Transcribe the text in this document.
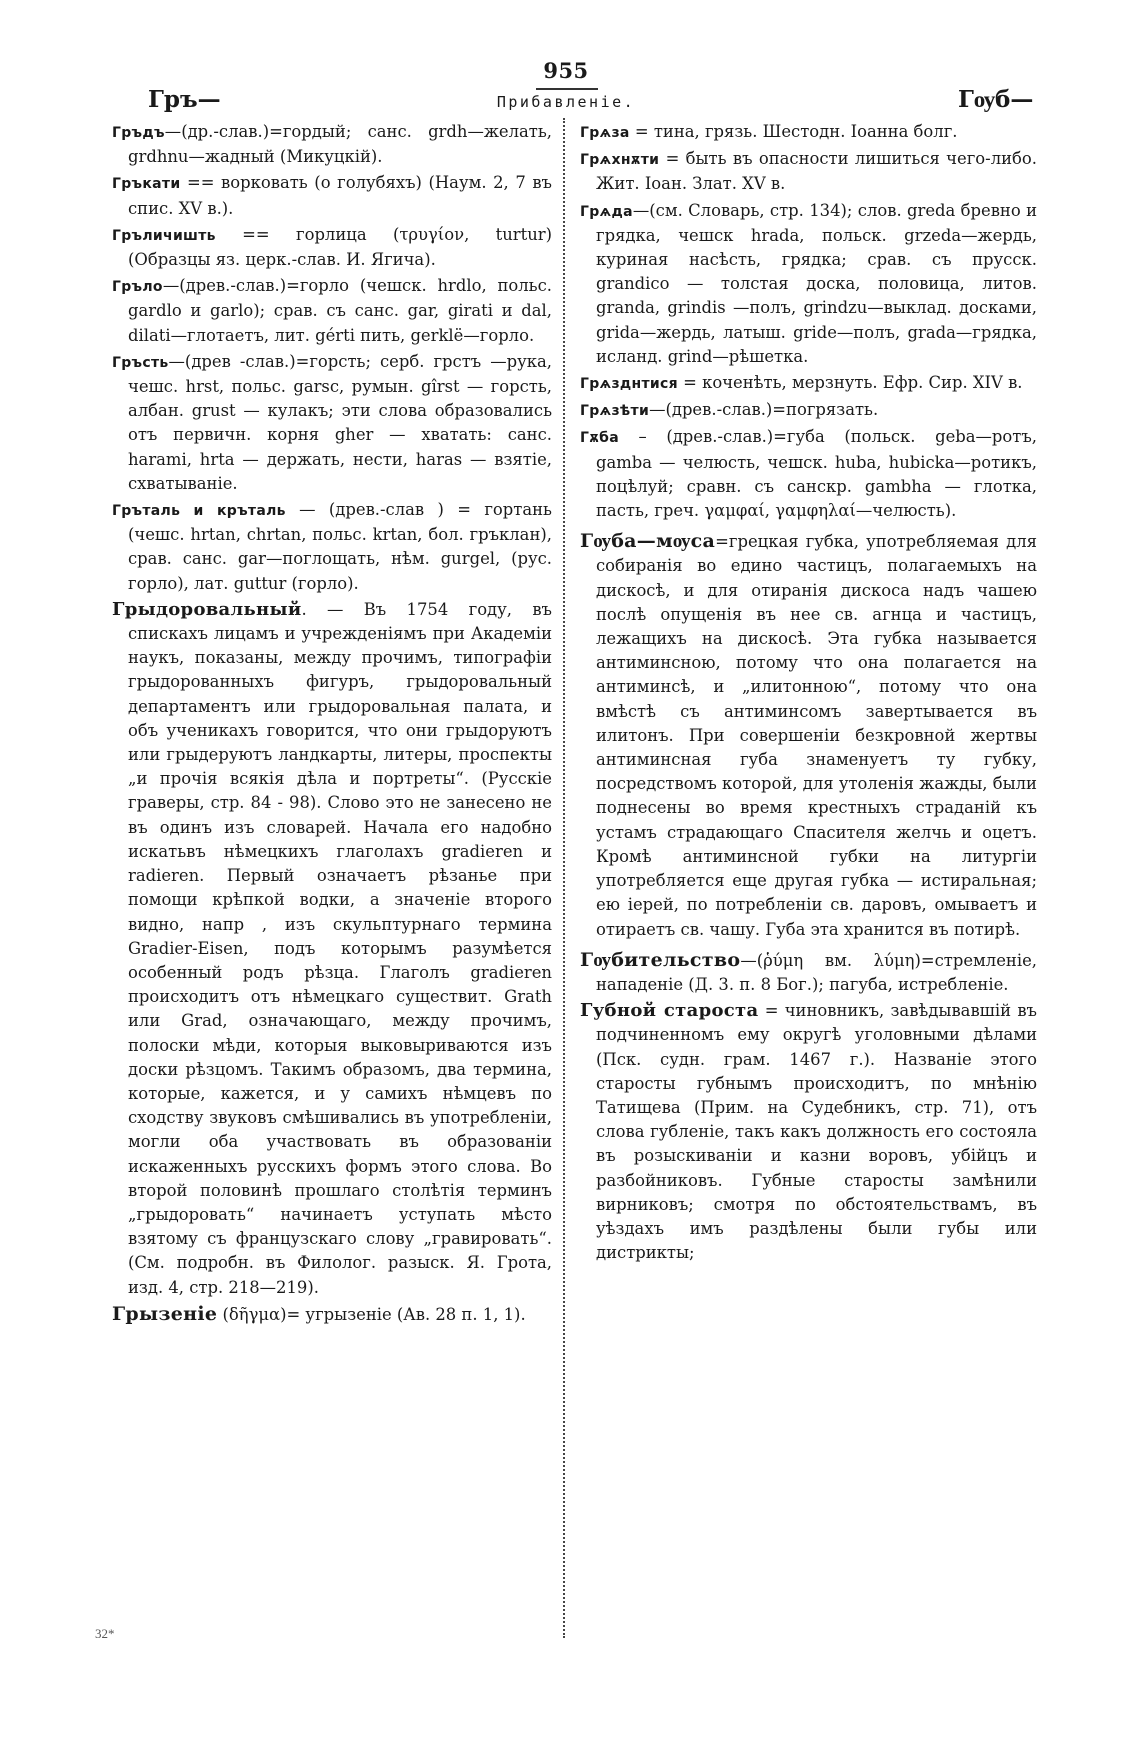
955
Гръ—	Прибавленіе.	Гѹб—

Гръдъ—(др.-слав.)=гордый; санс. grdh—желать, grdhnu—жадный (Микуцкій).

Гръкати == ворковать (о голубяхъ) (Наум. 2, 7 въ спис. XV в.).

Гръличишть == горлица (τρυγίον, turtur) (Образцы яз. церк.-слав. И. Ягича).

Гръло—(древ.-слав.)=горло (чешск. hrdlo, польс. gardlo и garlo); срав. съ санс. gar, girati и dal, dilati—глотаетъ, лит. gérti пить, gerklë—горло.

Гръсть—(древ -слав.)=горсть; серб. грстъ —рука, чешс. hrst, польс. garsc, румын. gîrst — горсть, албан. grust — кулакъ; эти слова образовались отъ первичн. корня gher — хватать: санс. harami, hrta — держать, нести, haras — взятіе, схватываніе.

Гръталь и кръталь — (древ.-слав ) = гортань (чешс. hrtan, chrtan, польс. krtan, бол. гръклан), срав. санс. gar—поглощать, нѣм. gurgel, (рус. горло), лат. guttur (горло).

Грыдоровальный. — Въ 1754 году, въ спискахъ лицамъ и учрежденіямъ при Академіи наукъ, показаны, между прочимъ, типографіи грыдорованныхъ фигуръ, грыдоровальный департаментъ или грыдоровальная палата, и объ ученикахъ говорится, что они грыдоруютъ или грыдеруютъ ландкарты, литеры, проспекты „и прочія всякія дѣла и портреты“. (Русскіе граверы, стр. 84 - 98). Слово это не занесено не въ одинъ изъ словарей. Начала его надобно искатьвъ нѣмецкихъ глаголахъ gradieren и radieren. Первый означаетъ рѣзанье при помощи крѣпкой водки, а значеніе второго видно, напр , изъ скульптурнаго термина Gradier-Eisen, подъ которымъ разумѣется особенный родъ рѣзца. Глаголъ gradieren происходитъ отъ нѣмецкаго существит. Grath или Grad, означающаго, между прочимъ, полоски мѣди, которыя выковыриваются изъ доски рѣзцомъ. Такимъ образомъ, два термина, которые, кажется, и у самихъ нѣмцевъ по сходству звуковъ смѣшивались въ употребленіи, могли оба участвовать въ образованіи искаженныхъ русскихъ формъ этого слова. Во второй половинѣ прошлаго столѣтія терминъ „грыдоровать“ начинаетъ уступать мѣсто взятому съ французскаго слову „гравировать“. (См. подробн. въ Филолог. разыск. Я. Грота, изд. 4, стр. 218—219).

Грызеніе (δῆγμα)= угрызеніе (Ав. 28 п. 1, 1).

Грѧза = тина, грязь. Шестодн. Іоанна болг.

Грѧхнѫти = быть въ опасности лишиться чего-либо. Жит. Іоан. Злат. XV в.

Грѧда—(см. Словарь, стр. 134); слов. greda бревно и грядка, чешск hrada, польск. grzeda—жердь, куриная насѣсть, грядка; срав. съ прусск. grandico — толстая доска, половица, литов. granda, grindis —полъ, grindzu—выклад. досками, grida—жердь, латыш. gride—полъ, grada—грядка, исланд. grind—рѣшетка.

Грѧзднтися = коченѣть, мерзнуть. Ефр. Сир. XIV в.

Грѧзѣти—(древ.-слав.)=погрязать.

Гѫба – (древ.-слав.)=губа (польск. geba—ротъ, gamba — челюсть, чешск. huba, hubicka—ротикъ, поцѣлуй; сравн. съ санскр. gambha — глотка, пасть, греч. γαμφαί, γαμφηλαί—челюсть).

Гѹба—мѹса=грецкая губка, употребляемая для собиранія во едино частицъ, полагаемыхъ на дискосѣ, и для отиранія дискоса надъ чашею послѣ опущенія въ нее св. агнца и частицъ, лежащихъ на дискосѣ. Эта губка называется антиминсною, потому что она полагается на антиминсѣ, и „илитонною“, потому что она вмѣстѣ съ антиминсомъ завертывается въ илитонъ. При совершеніи безкровной жертвы антиминсная губа знаменуетъ ту губку, посредствомъ которой, для утоленія жажды, были поднесены во время крестныхъ страданій къ устамъ страдающаго Спасителя желчь и оцетъ. Кромѣ антиминсной губки на литургіи употребляется еще другая губка — истиральная; ею іерей, по потребленіи св. даровъ, омываетъ и отираетъ св. чашу. Губа эта хранится въ потирѣ.

Гѹбительство—(ῥύμη вм. λύμη)=стремленіе, нападеніе (Д. 3. п. 8 Бог.); пагуба, истребленіе.

Губной староста = чиновникъ, завѣдывавшій въ подчиненномъ ему округѣ уголовными дѣлами (Пск. судн. грам. 1467 г.). Названіе этого старосты губнымъ происходитъ, по мнѣнію Татищева (Прим. на Судебникъ, стр. 71), отъ слова губленіе, такъ какъ должность его состояла въ розыскиваніи и казни воровъ, убійцъ и разбойниковъ. Губные старосты замѣнили вирниковъ; смотря по обстоятельствамъ, въ уѣздахъ имъ раздѣлены были губы или дистрикты;

32*
